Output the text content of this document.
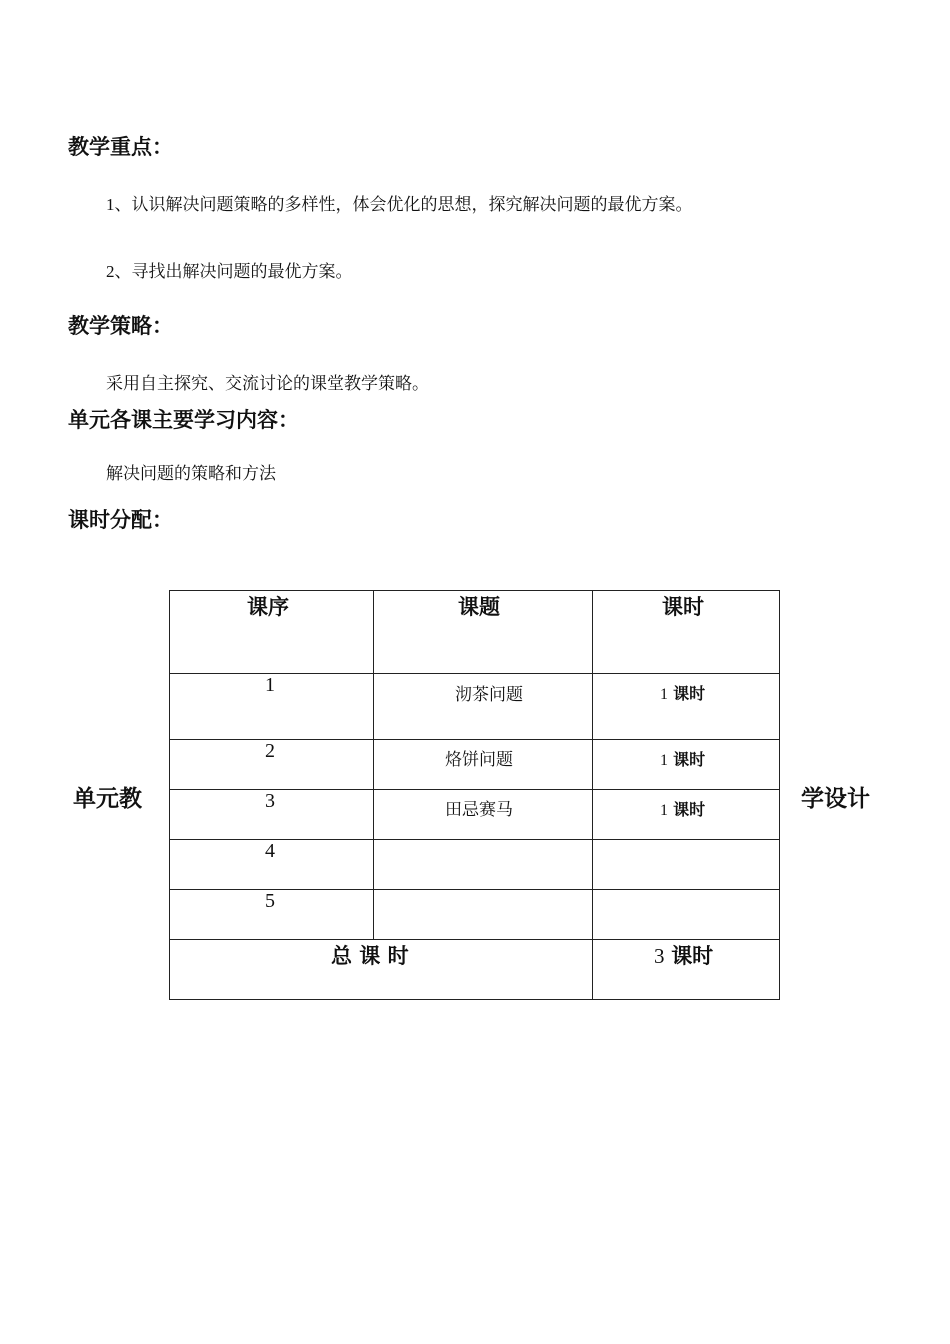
教学重点：
1、认识解决问题策略的多样性，体会优化的思想，探究解决问题的最优方案。
2、寻找出解决问题的最优方案。
教学策略：
采用自主探究、交流讨论的课堂教学策略。
单元各课主要学习内容：
解决问题的策略和方法
课时分配：
单元教	学设计
课序	课题	课时
1	沏茶问题	1 课时
2	烙饼问题	1 课时
3	田忌赛马	1 课时
4
5
总 课 时	3 课时
